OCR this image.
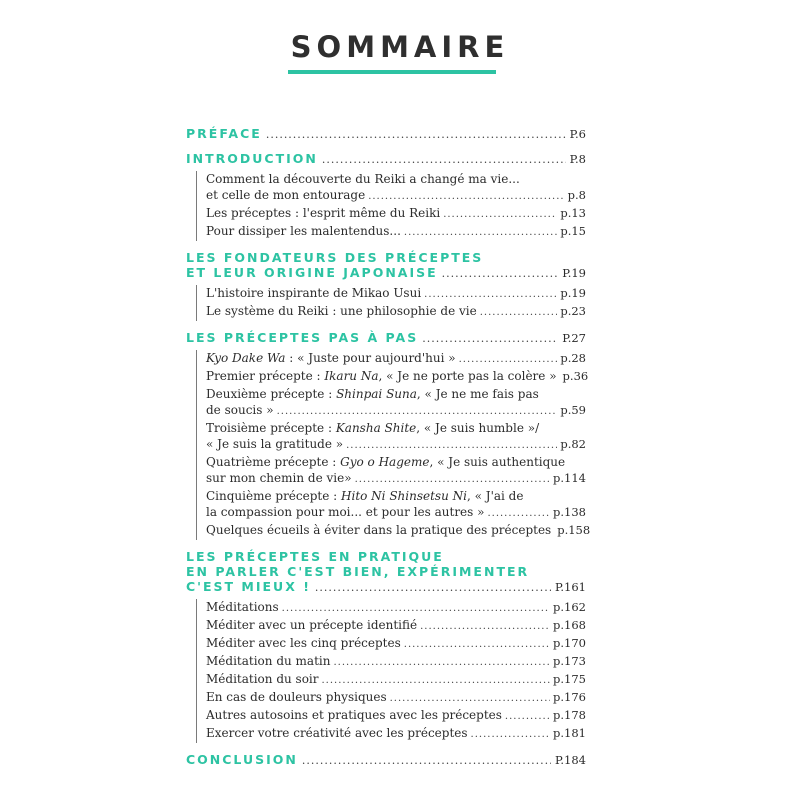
SOMMAIRE
PRÉFACE .....	P.6
INTRODUCTION .....	P.8
Comment la découverte du Reiki a changé ma vie...
et celle de mon entourage .....	p.8
Les préceptes : l'esprit même du Reiki .....	p.13
Pour dissiper les malentendus... .....	p.15
LES FONDATEURS DES PRÉCEPTES
ET LEUR ORIGINE JAPONAISE .....	P.19
L'histoire inspirante de Mikao Usui .....	p.19
Le système du Reiki : une philosophie de vie .....	p.23
LES PRÉCEPTES PAS À PAS .....	P.27
Kyo Dake Wa : « Juste pour aujourd'hui » .....	p.28
Premier précepte : Ikaru Na, « Je ne porte pas la colère » p.36
Deuxième précepte : Shinpai Suna, « Je ne me fais pas
de soucis » .....	p.59
Troisième précepte : Kansha Shite, « Je suis humble »/
« Je suis la gratitude » .....	p.82
Quatrième précepte : Gyo o Hageme, « Je suis authentique
sur mon chemin de vie» .....	p.114
Cinquième précepte : Hito Ni Shinsetsu Ni, « J'ai de
la compassion pour moi... et pour les autres » .....	p.138
Quelques écueils à éviter dans la pratique des préceptes p.158
LES PRÉCEPTES EN PRATIQUE
EN PARLER C'EST BIEN, EXPÉRIMENTER
C'EST MIEUX ! .....	P.161
Méditations .....	p.162
Méditer avec un précepte identifié .....	p.168
Méditer avec les cinq préceptes .....	p.170
Méditation du matin .....	p.173
Méditation du soir .....	p.175
En cas de douleurs physiques .....	p.176
Autres autosoins et pratiques avec les préceptes .....	p.178
Exercer votre créativité avec les préceptes .....	p.181
CONCLUSION .....	P.184
